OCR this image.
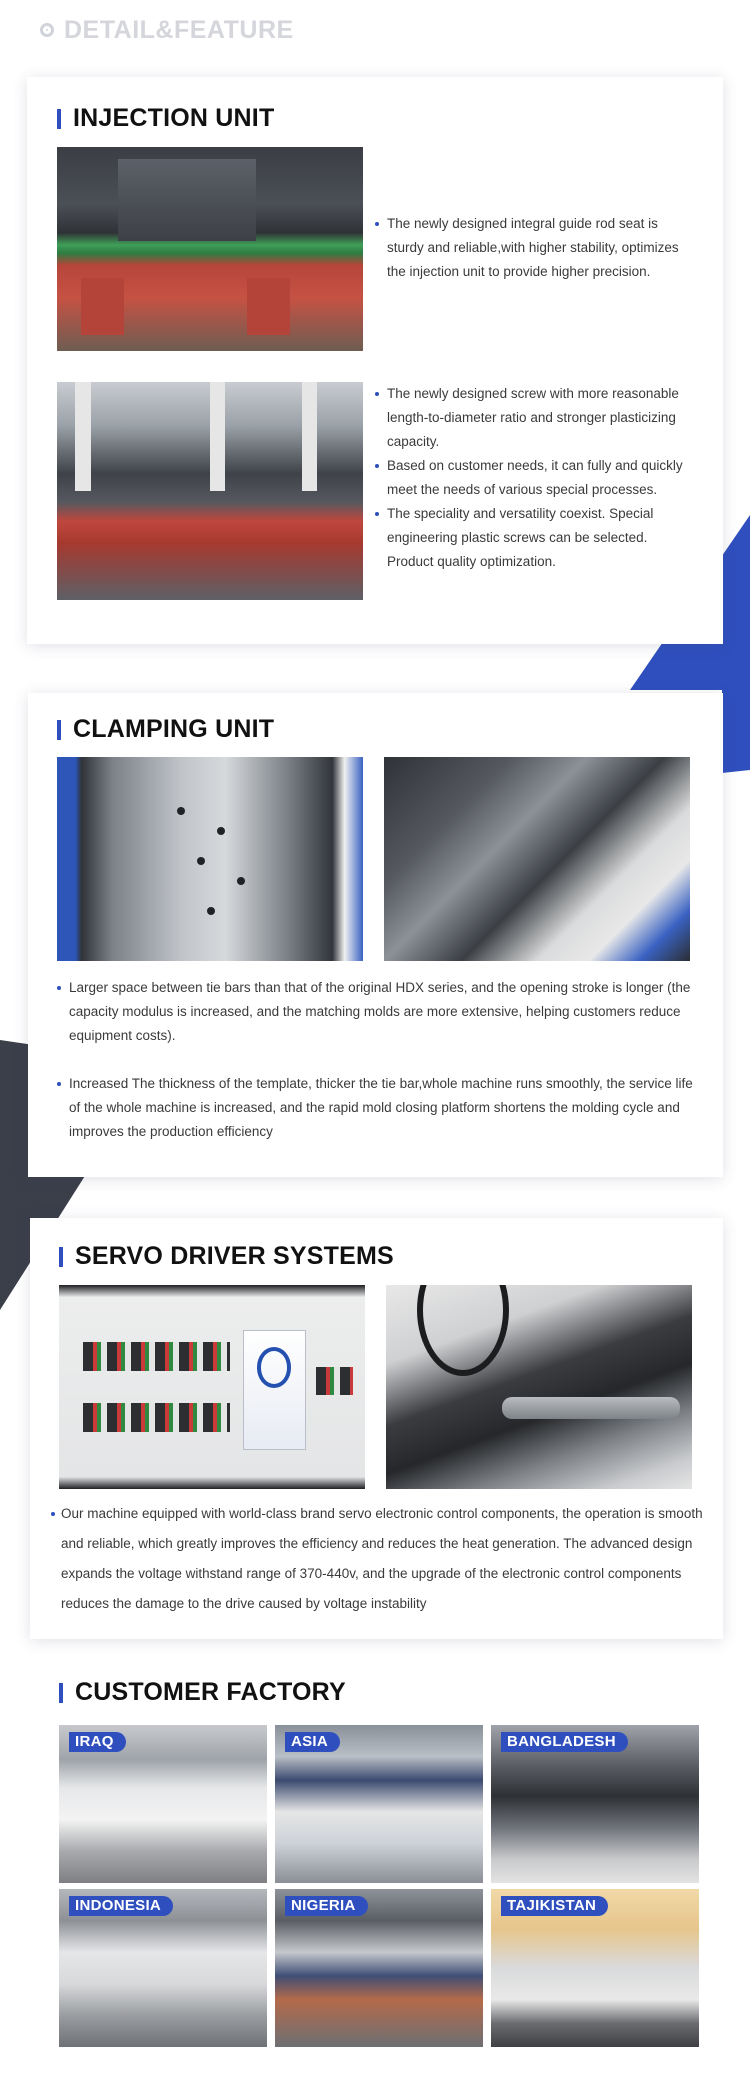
DETAIL&FEATURE
INJECTION UNIT
The newly designed integral guide rod seat is sturdy and reliable,with higher stability, optimizes the injection unit to provide higher precision.
The newly designed screw with more reasonable length-to-diameter ratio and stronger plasticizing capacity.
Based on customer needs, it can fully and quickly meet the needs of various special processes.
The speciality and versatility coexist. Special engineering plastic screws can be selected. Product quality optimization.
CLAMPING UNIT
Larger space between tie bars than that of the original HDX series, and the opening stroke is longer (the capacity modulus is increased, and the matching molds are more extensive, helping customers reduce equipment costs).
Increased The thickness of the template, thicker the tie bar,whole machine runs smoothly, the service life of the whole machine is increased, and the rapid mold closing platform shortens the molding cycle and improves the production efficiency
SERVO DRIVER SYSTEMS
Our machine equipped with world-class brand servo electronic control components, the operation is smooth and reliable, which greatly improves the efficiency and reduces the heat generation. The advanced design expands the voltage withstand range of 370-440v, and the upgrade of the electronic control components reduces the damage to the drive caused by voltage instability
CUSTOMER FACTORY
IRAQ	ASIA	BANGLADESH
INDONESIA	NIGERIA	TAJIKISTAN
